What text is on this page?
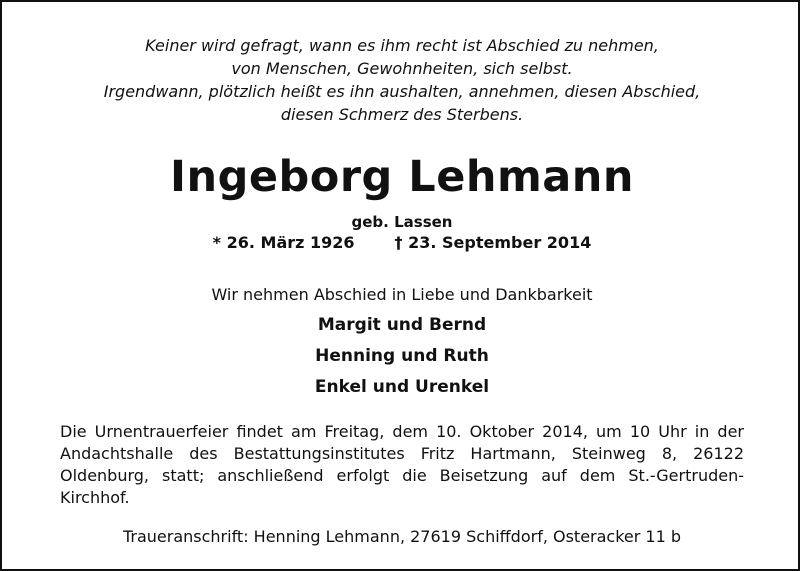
Keiner wird gefragt, wann es ihm recht ist Abschied zu nehmen,
von Menschen, Gewohnheiten, sich selbst.
Irgendwann, plötzlich heißt es ihn aushalten, annehmen, diesen Abschied,
diesen Schmerz des Sterbens.
Ingeborg Lehmann
geb. Lassen
* 26. März 1926	† 23. September 2014
Wir nehmen Abschied in Liebe und Dankbarkeit
Margit und Bernd
Henning und Ruth
Enkel und Urenkel
Die Urnentrauerfeier findet am Freitag, dem 10. Oktober 2014, um 10 Uhr in der Andachtshalle des Bestattungsinstitutes Fritz Hartmann, Steinweg 8, 26122 Oldenburg, statt; anschließend erfolgt die Beisetzung auf dem St.-Gertruden-Kirchhof.
Traueranschrift: Henning Lehmann, 27619 Schiffdorf, Osteracker 11 b
